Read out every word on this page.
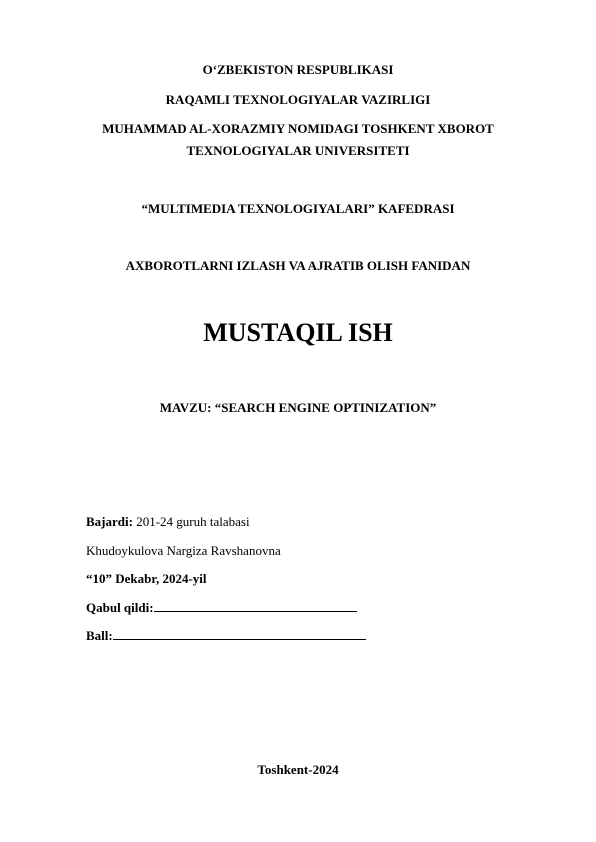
O‘ZBEKISTON RESPUBLIKASI
RAQAMLI TEXNOLOGIYALAR VAZIRLIGI
MUHAMMAD AL-XORAZMIY NOMIDAGI TOSHKENT XBOROT
TEXNOLOGIYALAR UNIVERSITETI
“MULTIMEDIA TEXNOLOGIYALARI” KAFEDRASI
AXBOROTLARNI IZLASH VA AJRATIB OLISH FANIDAN
MUSTAQIL ISH
MAVZU: “SEARCH ENGINE OPTINIZATION”
Bajardi: 201-24 guruh talabasi
Khudoykulova Nargiza Ravshanovna
“10” Dekabr, 2024-yil
Qabul qildi:
Ball:
Toshkent-2024
